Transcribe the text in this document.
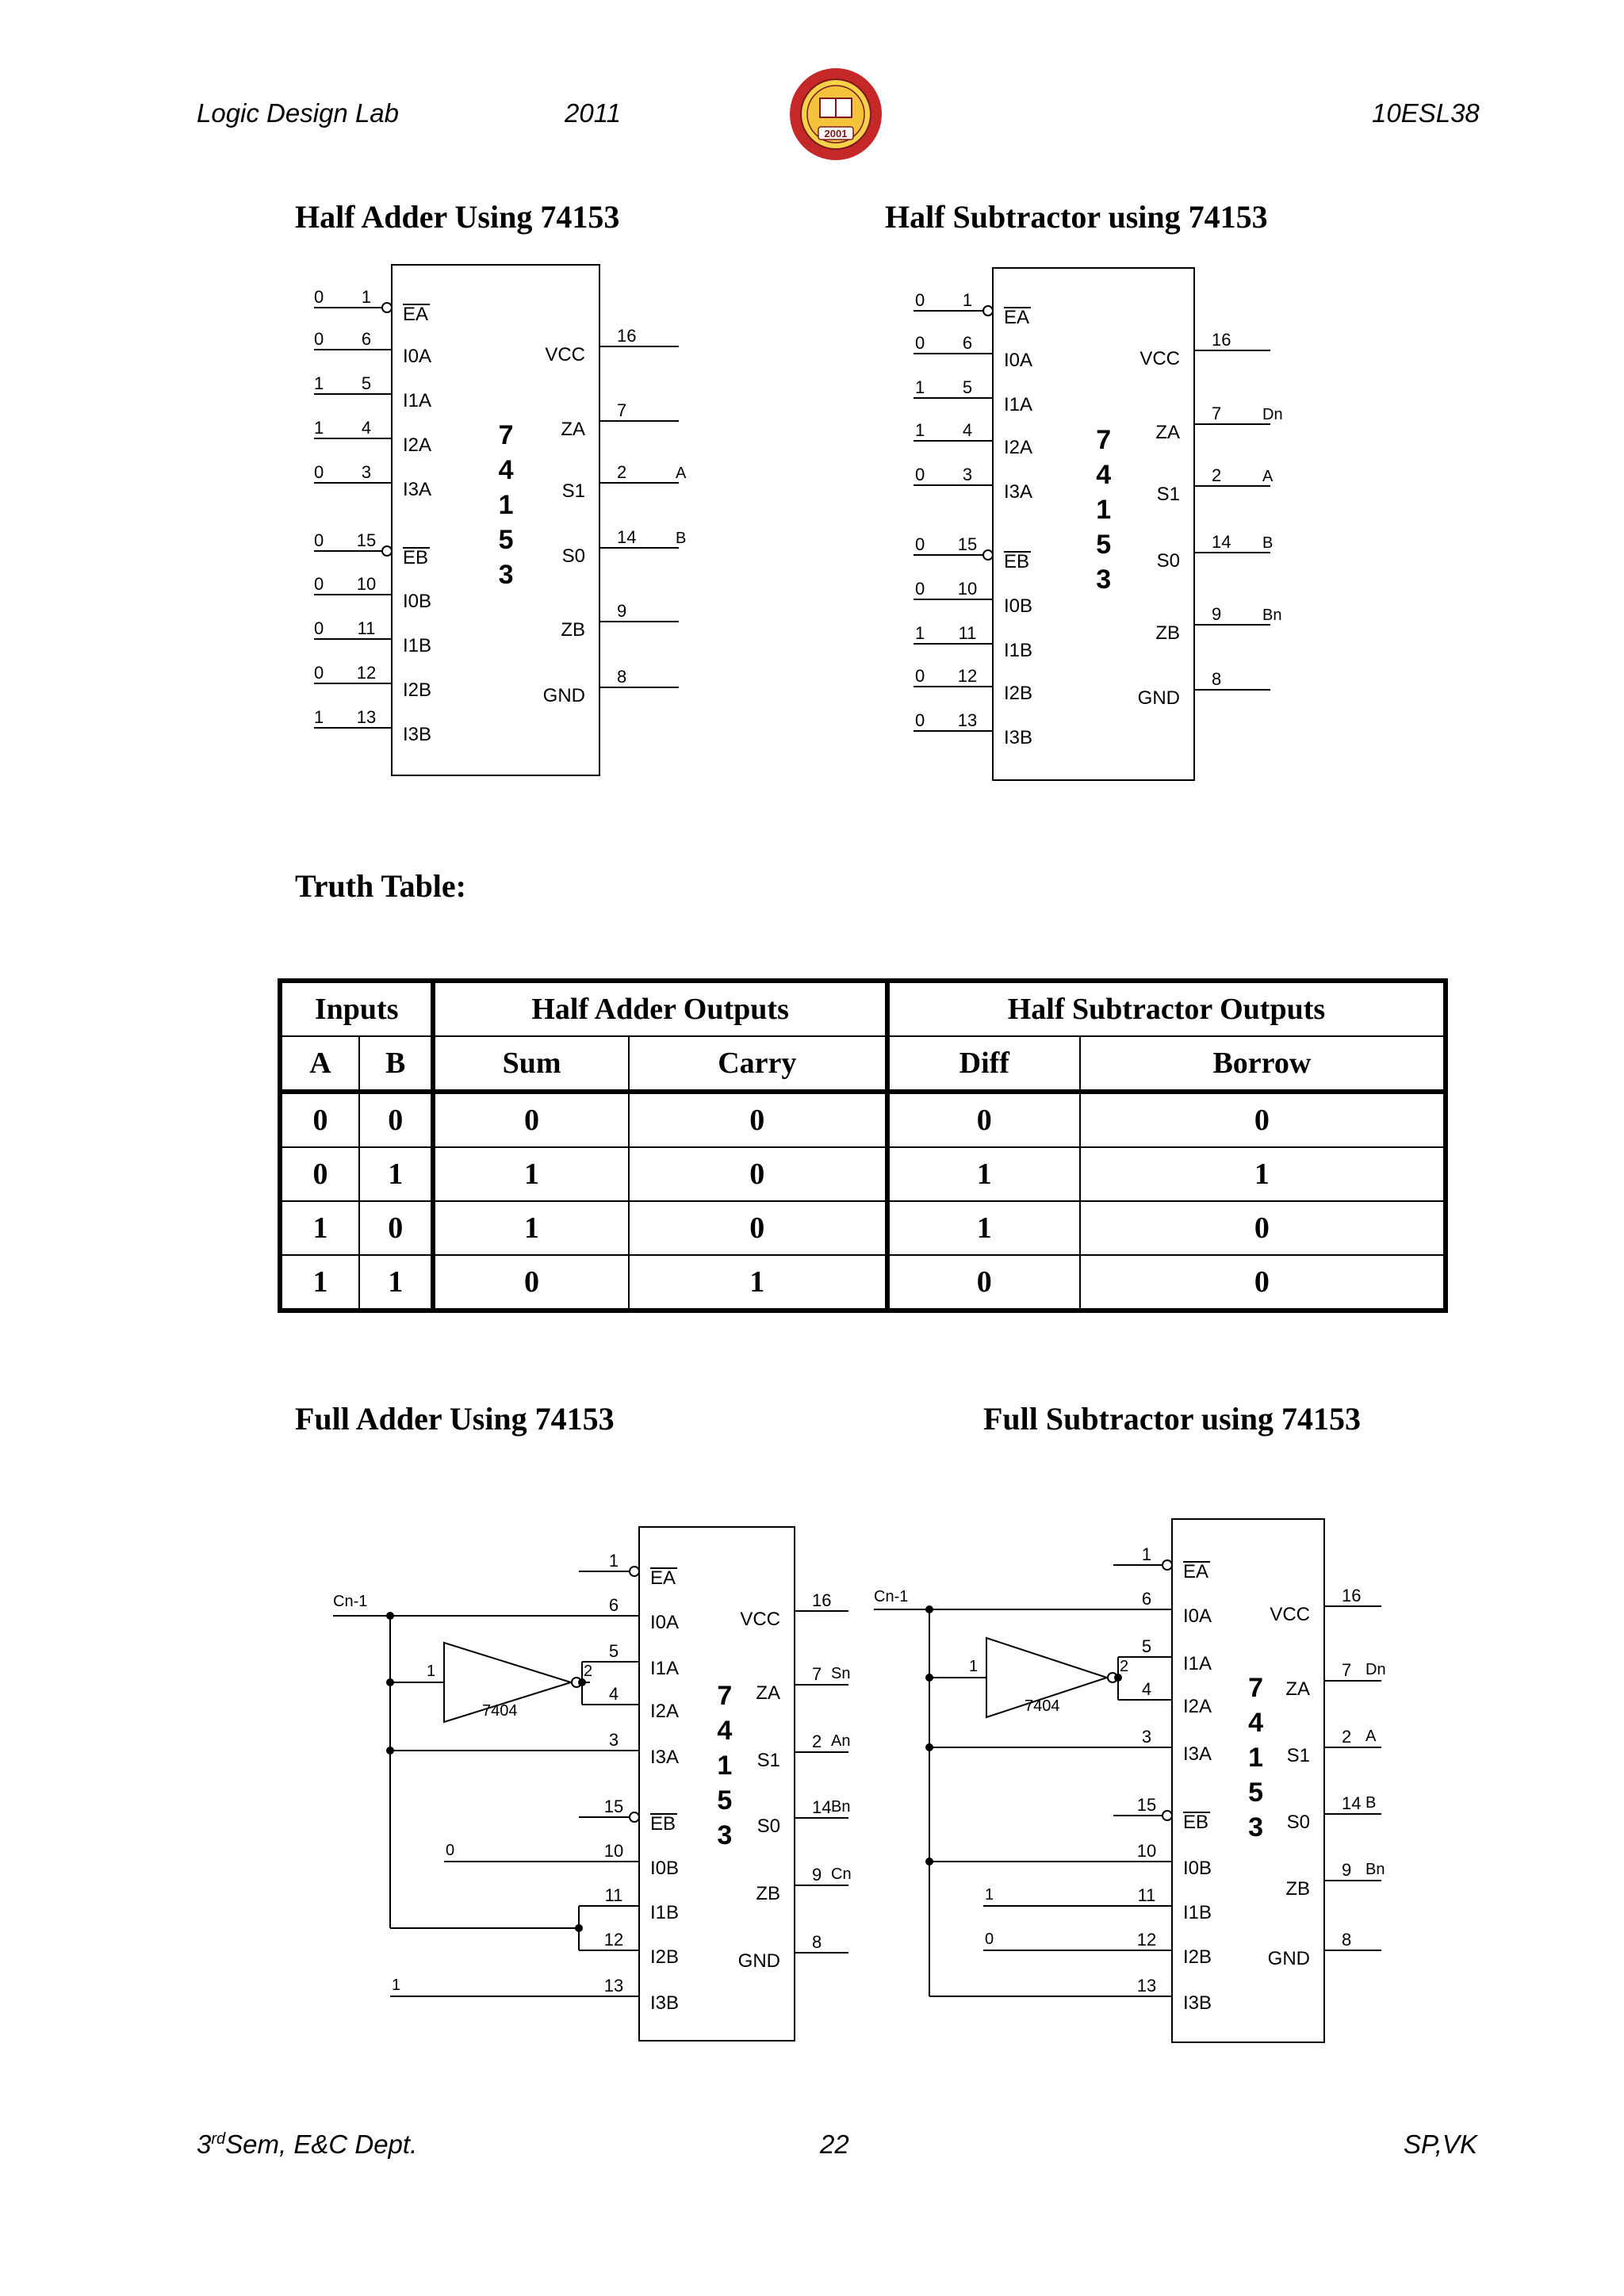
Logic Design Lab	2011	10ESL38
2001
Half Adder Using 74153	Half Subtractor using 74153
Truth Table:
Full Adder Using 74153	Full Subtractor using 74153
7
4
1
5
3
1
EA
6
I0A
5
I1A
4
I2A
3
I3A
15
EB
10
I0B
11
I1B
12
I2B
13
I3B
16
VCC
7
ZA
2
S1
14
S0
9
ZB
8
GND
0
0
1
1
0
0
0
0
0
1
A
B
7
4
1
5
3
1
EA
6
I0A
5
I1A
4
I2A
3
I3A
15
EB
10
I0B
11
I1B
12
I2B
13
I3B
16
VCC
7
ZA
2
S1
14
S0
9
ZB
8
GND
0
0
1
1
0
0
0
1
0
0
Dn
A
B
Bn
7
4
1
5
3
1
EA
6
I0A
5
I1A
4
I2A
3
I3A
15
EB
10
I0B
11
I1B
12
I2B
13
I3B
16
VCC
7
ZA
2
S1
14
S0
9
ZB
8
GND
Cn-1
7404
1	2
0
1
Sn
An
Bn
Cn
7
4
1
5
3
1
EA
6
I0A
5
I1A
4
I2A
3
I3A
15
EB
10
I0B
11
I1B
12
I2B
13
I3B
16
VCC
7
ZA
2
S1
14
S0
9
ZB
8
GND
Cn-1
7404
1	2
1
0
Dn
A
B
Bn
Inputs		Half Adder Outputs		Half Subtractor Outputs	
A	B	Sum	Carry	Diff	Borrow
0	0	0	0	0	0
0	1	1	0	1	1
1	0	1	0	1	0
1	1	0	1	0	0
3rdSem, E&C Dept.	22	SP,VK
